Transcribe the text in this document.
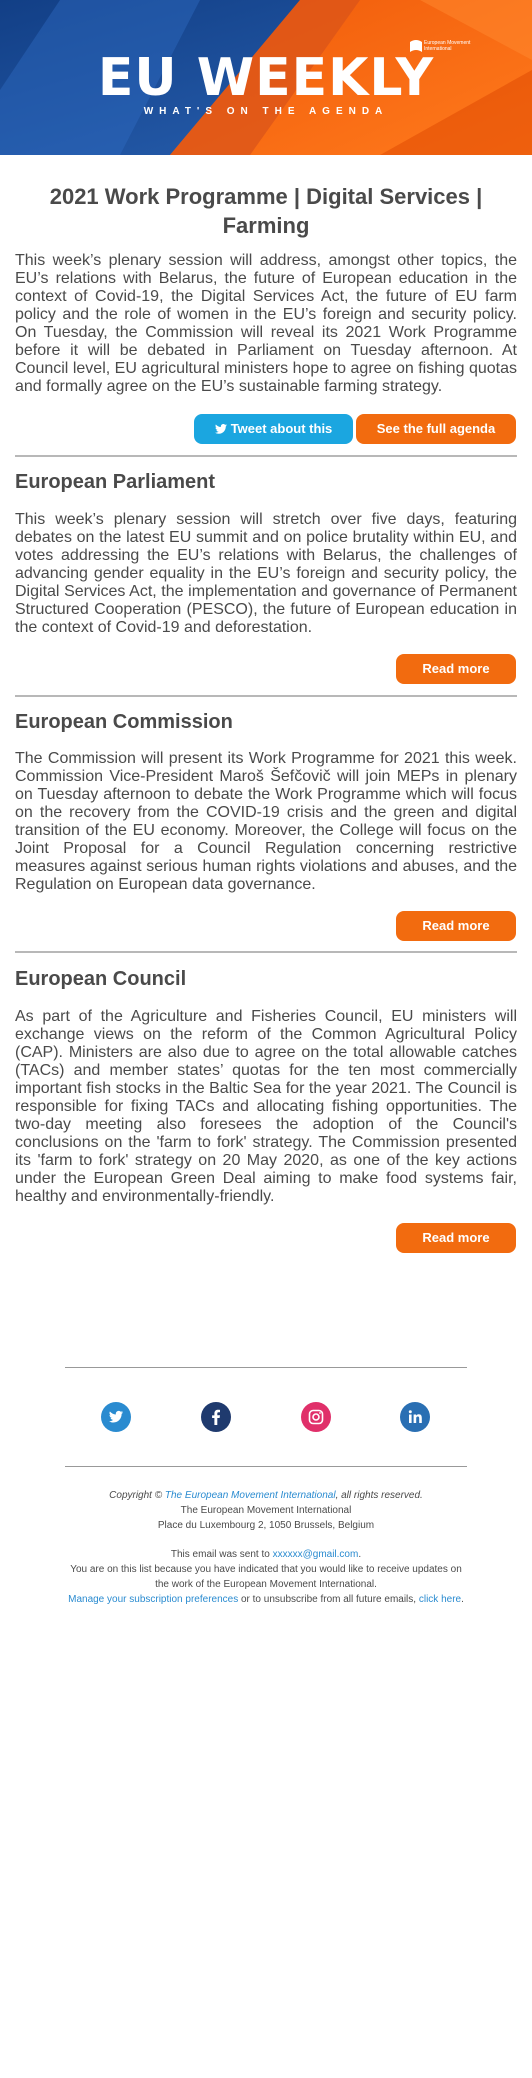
European Movement International
EU WEEKLY
WHAT'S ON THE AGENDA
2021 Work Programme | Digital Services | Farming

This week’s plenary session will address, amongst other topics, the EU’s relations with Belarus, the future of European education in the context of Covid-19, the Digital Services Act, the future of EU farm policy and the role of women in the EU’s foreign and security policy. On Tuesday, the Commission will reveal its 2021 Work Programme before it will be debated in Parliament on Tuesday afternoon. At Council level, EU agricultural ministers hope to agree on fishing quotas and formally agree on the EU’s sustainable farming strategy.

Tweet about this	See the full agenda
European Parliament

This week’s plenary session will stretch over five days, featuring debates on the latest EU summit and on police brutality within EU, and votes addressing the EU’s relations with Belarus, the challenges of advancing gender equality in the EU’s foreign and security policy, the Digital Services Act, the implementation and governance of Permanent Structured Cooperation (PESCO), the future of European education in the context of Covid-19 and deforestation.

Read more
European Commission

The Commission will present its Work Programme for 2021 this week. Commission Vice-President Maroš Šefčovič will join MEPs in plenary on Tuesday afternoon to debate the Work Programme which will focus on the recovery from the COVID-19 crisis and the green and digital transition of the EU economy. Moreover, the College will focus on the Joint Proposal for a Council Regulation concerning restrictive measures against serious human rights violations and abuses, and the Regulation on European data governance.

Read more
European Council

As part of the Agriculture and Fisheries Council, EU ministers will exchange views on the reform of the Common Agricultural Policy (CAP). Ministers are also due to agree on the total allowable catches (TACs) and member states’ quotas for the ten most commercially important fish stocks in the Baltic Sea for the year 2021. The Council is responsible for fixing TACs and allocating fishing opportunities. The two-day meeting also foresees the adoption of the Council's conclusions on the 'farm to fork' strategy. The Commission presented its 'farm to fork' strategy on 20 May 2020, as one of the key actions under the European Green Deal aiming to make food systems fair, healthy and environmentally-friendly.

Read more
Copyright © The European Movement International, all rights reserved.
The European Movement International
Place du Luxembourg 2, 1050 Brussels, Belgium
This email was sent to xxxxxx@gmail.com.
You are on this list because you have indicated that you would like to receive updates on the work of the European Movement International.
Manage your subscription preferences or to unsubscribe from all future emails, click here.
